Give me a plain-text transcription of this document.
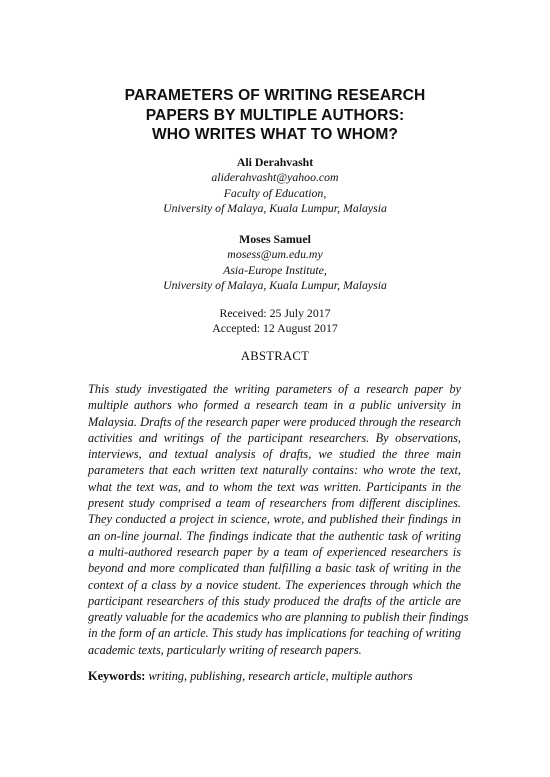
PARAMETERS OF WRITING RESEARCH
PAPERS BY MULTIPLE AUTHORS:
WHO WRITES WHAT TO WHOM?
Ali Derahvasht
aliderahvasht@yahoo.com
Faculty of Education,
University of Malaya, Kuala Lumpur, Malaysia
Moses Samuel
mosess@um.edu.my
Asia-Europe Institute,
University of Malaya, Kuala Lumpur, Malaysia
Received: 25 July 2017
Accepted: 12 August 2017
ABSTRACT
This study investigated the writing parameters of a research paper by
multiple authors who formed a research team in a public university in
Malaysia. Drafts of the research paper were produced through the research
activities and writings of the participant researchers. By observations,
interviews, and textual analysis of drafts, we studied the three main
parameters that each written text naturally contains: who wrote the text,
what the text was, and to whom the text was written. Participants in the
present study comprised a team of researchers from different disciplines.
They conducted a project in science, wrote, and published their findings in
an on-line journal. The findings indicate that the authentic task of writing
a multi-authored research paper by a team of experienced researchers is
beyond and more complicated than fulfilling a basic task of writing in the
context of a class by a novice student. The experiences through which the
participant researchers of this study produced the drafts of the article are
greatly valuable for the academics who are planning to publish their findings
in the form of an article. This study has implications for teaching of writing
academic texts, particularly writing of research papers.
Keywords: writing, publishing, research article, multiple authors
